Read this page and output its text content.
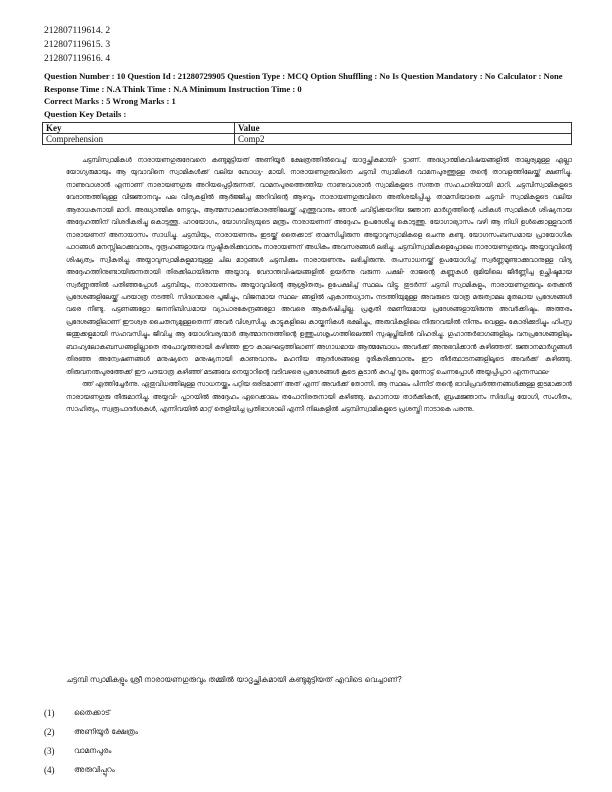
212807119614. 2
212807119615. 3
212807119616. 4
Question Number : 10 Question Id : 21280729905 Question Type : MCQ Option Shuffling : No Is Question Mandatory : No Calculator : None
Response Time : N.A Think Time : N.A Minimum Instruction Time : 0
Correct Marks : 5 Wrong Marks : 1
Question Key Details :
Key	Value
Comprehension	Comp2

ചട്ടമ്പിസ്വാമികൾ നാരായണഗുരുദേവനെ കണ്ടുമുട്ടിയത് അണിയൂർ ക്ഷേത്രത്തിൽവെച്ച് യാദൃച്ഛികമായി- ട്ടാണ്. അദ്ധ്യാത്മികവിഷയങ്ങളിൽ താല്പര്യമുള്ള എല്ലാ യോഗ്യരുമായും ആ യുവാവിനെ സ്വാമികൾക്ക് വലിയ ബോധ്യ- മായി. നാരായണഗുരുവിനെ ചട്ടമ്പി സ്വാമികൾ വാമനപുരത്തുള്ള തന്റെ താവളത്തിലേയ്ക്ക് ക്ഷണിച്ചു. നാണുവാശാൻ എന്നാണ് നാരായണഗുരു അറിയപ്പെട്ടിരുന്നത്. വാമനപുരത്തെത്തിയ നാണുവാശാൻ സ്വാമികളുടെ സന്തത സഹചാരിയായി മാറി. ചട്ടമ്പിസ്വാമികളുടെ വേദാന്തത്തിലുള്ള വിജ്ഞാനവും പല വിദ്യകളിൽ ആർജ്ജിച്ച അറിവിന്റെ ആഴവും നാരായണഗുരുവിനെ അതിശയിപ്പിച്ചു. താമസിയാതെ ചട്ടമ്പി- സ്വാമികളുടെ വലിയ ആരാധകനായി മാറി. അദ്ധ്യാത്മിക നേട്ടവും, ആത്മസാക്ഷാത്കാരത്തിലേയ്ക്ക് എത്തുവാനും ഞാൻ ചവിട്ടിക്കയറിയ ജ്ഞാന മാർഗ്ഗത്തിന്റെ പടികൾ സ്വാമികൾ ശിഷ്യനായ അദ്ദേഹത്തിന് വിശദീകരിച്ചു കൊടുത്തു. ഹഠയോഗം, യോഗവിദ്യയുടെ മന്ത്രം നാരായണന് അദ്ദേഹം ഉപദേശിച്ചു കൊടുത്തു. യോഗാഭ്യാസം വഴി ആ നിധി ഉൾക്കൊള്ളുവാൻ നാരായണന് അനായാസം സാധിച്ചു. ചട്ടമ്പിയും, നാരായണനും ഇടയ്ക്ക് തൈക്കാട് താമസിച്ചിരുന്ന അയ്യാവുസ്വാമികളെ ചെന്നു കണ്ടു. യോഗസംബന്ധമായ പ്രായോഗിക പാഠങ്ങൾ മനസ്സിലാക്കുവാനും, ദുരൂഹങ്ങളായവ സ്പഷ്ടീകരിക്കുവാനും നാരായണന് അധികം അവസരങ്ങൾ ലഭിച്ചു. ചട്ടമ്പിസ്വാമികളെപ്പോലെ നാരായണഗുരുവും അയ്യാവുവിന്റെ ശിഷ്യത്വം സ്വീകരിച്ചു. അയ്യാവുസ്വാമികളുമായുള്ള ചില മാറ്റങ്ങൾ ചട്ടമ്പിക്കും നാരായണനും ലഭിച്ചിരുന്നു. തപസാധനയ്ക്ക് ഉപയോഗിച്ച് സ്വർണ്ണമുണ്ടാക്കുവാനുള്ള വിദ്യ അദ്ദേഹത്തിനുണ്ടായിരുന്നതായി തിരക്കിലായിരുന്നു അയ്യാവു. വേദാന്തവിഷയങ്ങളിൽ ഉയർന്നു വരുന്ന പക്ഷി- രാജന്റെ കണ്ണുകൾ ഭൂമിയിലെ ജീർണ്ണിച്ച ഉച്ഛിഷ്ടമായ സ്വർണ്ണത്തിൽ പതിഞ്ഞപ്പോൾ ചട്ടമ്പിയും, നാരായണനും അയ്യാവുവിന്റെ ആശ്രിതത്വം ഉപേക്ഷിച്ച് സ്ഥലം വിട്ടു. തുടർന്ന് ചട്ടമ്പി സ്വാമികളും, നാരായണഗുരുവും തെക്കൻ പ്രദേശങ്ങളിലേയ്ക്ക് പദയാത്ര നടത്തി. സിദ്ധന്മാരെ പൂജിച്ചും, വിജനമായ സ്ഥല- ങ്ങളിൽ ഏകാന്തധ്യാനം നടത്തിയുമുള്ള അവരുടെ യാത്ര മരുത്വാമല മുതലായ പ്രദേശങ്ങൾ വരെ നീണ്ടു. പട്ടണങ്ങളോ ജനനിബിഡമായ വ്യാപാരകേന്ദ്രങ്ങളോ അവരെ ആകർഷിച്ചില്ല. പ്രകൃതി രമണീയമായ പ്രദേശങ്ങളായിരുന്നു അവർക്കിഷ്ടം. അത്തരം പ്രദേശങ്ങളിലാണ് ഈശ്വര ചൈതന്യമുള്ളതെന്ന് അവർ വിശ്വസിച്ചു. കാട്ടുകളിലെ കായ്കനികൾ ഭക്ഷിച്ചും, അരുവികളിലെ നീരുറവയിൽ നിന്നും വെള്ളം കോരിക്കുടിച്ചും ഹിംസ്ര ജന്തുക്കളുമായി സഹവസിച്ചും ജീവിച്ച ആ യോഗിവര്യന്മാർ ആത്മാനന്ദത്തിന്റെ ഉത്തുംഗശൃംഗത്തിലെത്തി സുഷുപ്തിയിൽ വിഹരിച്ചു. ഗുഹാന്തർഭാഗങ്ങളിലും വനപ്രദേശങ്ങളിലും ബാഹ്യലോകബന്ധങ്ങളില്ലാതെ തപോവൃത്തരായി കഴിഞ്ഞ ഈ കാലഘട്ടത്തിലാണ് അഗാധമായ ആത്മബോധം അവർക്ക് അനുഭവിക്കാൻ കഴിഞ്ഞത്. ജ്ഞാനമാർഗ്ഗങ്ങൾ തിരഞ്ഞ അന്വേഷണങ്ങൾ മനുഷ്യനെ മനുഷ്യനായി കാണുവാനും മഹനീയ ആദർശങ്ങളെ ദൂരീകരിക്കുവാനും ഈ തീർത്ഥാടനങ്ങളിലൂടെ അവർക്ക് കഴിഞ്ഞു. തിരുവനന്തപുരത്തേക്ക് ഈ പദയാത്ര കഴിഞ്ഞ് മടങ്ങവേ നെയ്യാറിന്റെ വടിവഴരെ പ്രദേശങ്ങൾ കൂടെ കൂടാൻ കുറച്ച് ദൂരം മുന്നോട്ട് ചെന്നപ്പോൾ അയ്യപ്പിപ്പാറ എന്നസ്ഥല-

ത്ത് എത്തിച്ചേർന്നു. ഏതുവിധത്തിലുള്ള സാധനയ്ക്കും പറ്റിയ ഒരിടമാണ് അത് എന്ന് അവർക്ക് തോന്നി. ആ സ്ഥലം പിന്നീട് തന്റെ ഭാവിപ്രവർത്തനങ്ങൾക്കുള്ള ഇടമാക്കാൻ നാരായണഗുരു തീരുമാനിച്ചു. അയ്യവി- പ്പാറയിൽ അദ്ദേഹം ഏറെക്കാലം തപോനിരതനായി കഴിഞ്ഞു. മഹാനായ താർക്കികൻ, ബ്രഹ്മജ്ഞാനം സിദ്ധിച്ച യോഗി, സംഗീതം, സാഹിത്യം, സ്വരൂപാദർശകൾ, എന്നിവയിൽ മാറ്റ് തെളിയിച്ച പ്രതിഭാശാലി എന്നീ നിലകളിൽ ചട്ടമ്പിസ്വാമികളുടെ പ്രശസ്തി നാടാകെ പരന്നു.

ചട്ടമ്പി സ്വാമികളും ശ്രീ നാരായണഗുരുവും തമ്മിൽ യാദൃച്ഛികമായി കണ്ടുമുട്ടിയത് എവിടെ വെച്ചാണ്?
(1)	തൈക്കാട്
(2)	അണിയൂർ ക്ഷേത്രം
(3)	വാമനപുരം
(4)	അരുവിപ്പുറം
